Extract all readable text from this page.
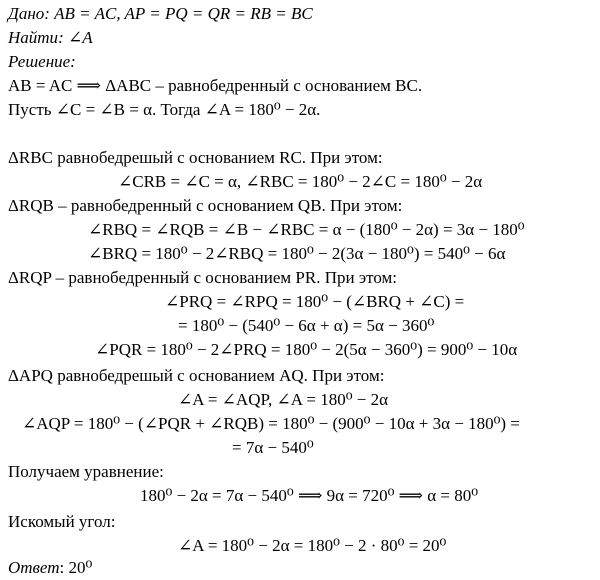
Дано: AB = AC, AP = PQ = QR = RB = BC
Найти: ∠A
Решение:
AB = AC ⟹ ΔABC – равнобедренный с основанием BC.
Пусть ∠C = ∠B = α. Тогда ∠A = 180⁰ − 2α.
ΔRBC равнобедрешый с основанием RC. При этом:
∠CRB = ∠C = α, ∠RBC = 180⁰ − 2∠C = 180⁰ − 2α
ΔRQB – равнобедренный с основанием QB. При этом:
∠RBQ = ∠RQB = ∠B − ∠RBC = α − (180⁰ − 2α) = 3α − 180⁰
∠BRQ = 180⁰ − 2∠RBQ = 180⁰ − 2(3α − 180⁰) = 540⁰ − 6α
ΔRQP – равнобедренный с основанием PR. При этом:
∠PRQ = ∠RPQ = 180⁰ − (∠BRQ + ∠C) =
= 180⁰ − (540⁰ − 6α + α) = 5α − 360⁰
∠PQR = 180⁰ − 2∠PRQ = 180⁰ − 2(5α − 360⁰) = 900⁰ − 10α
ΔAPQ равнобедрешый с основанием AQ. При этом:
∠A = ∠AQP, ∠A = 180⁰ − 2α
∠AQP = 180⁰ − (∠PQR + ∠RQB) = 180⁰ − (900⁰ − 10α + 3α − 180⁰) =
= 7α − 540⁰
Получаем уравнение:
180⁰ − 2α = 7α − 540⁰ ⟹ 9α = 720⁰ ⟹ α = 80⁰
Искомый угол:
∠A = 180⁰ − 2α = 180⁰ − 2 · 80⁰ = 20⁰
Ответ: 20⁰
